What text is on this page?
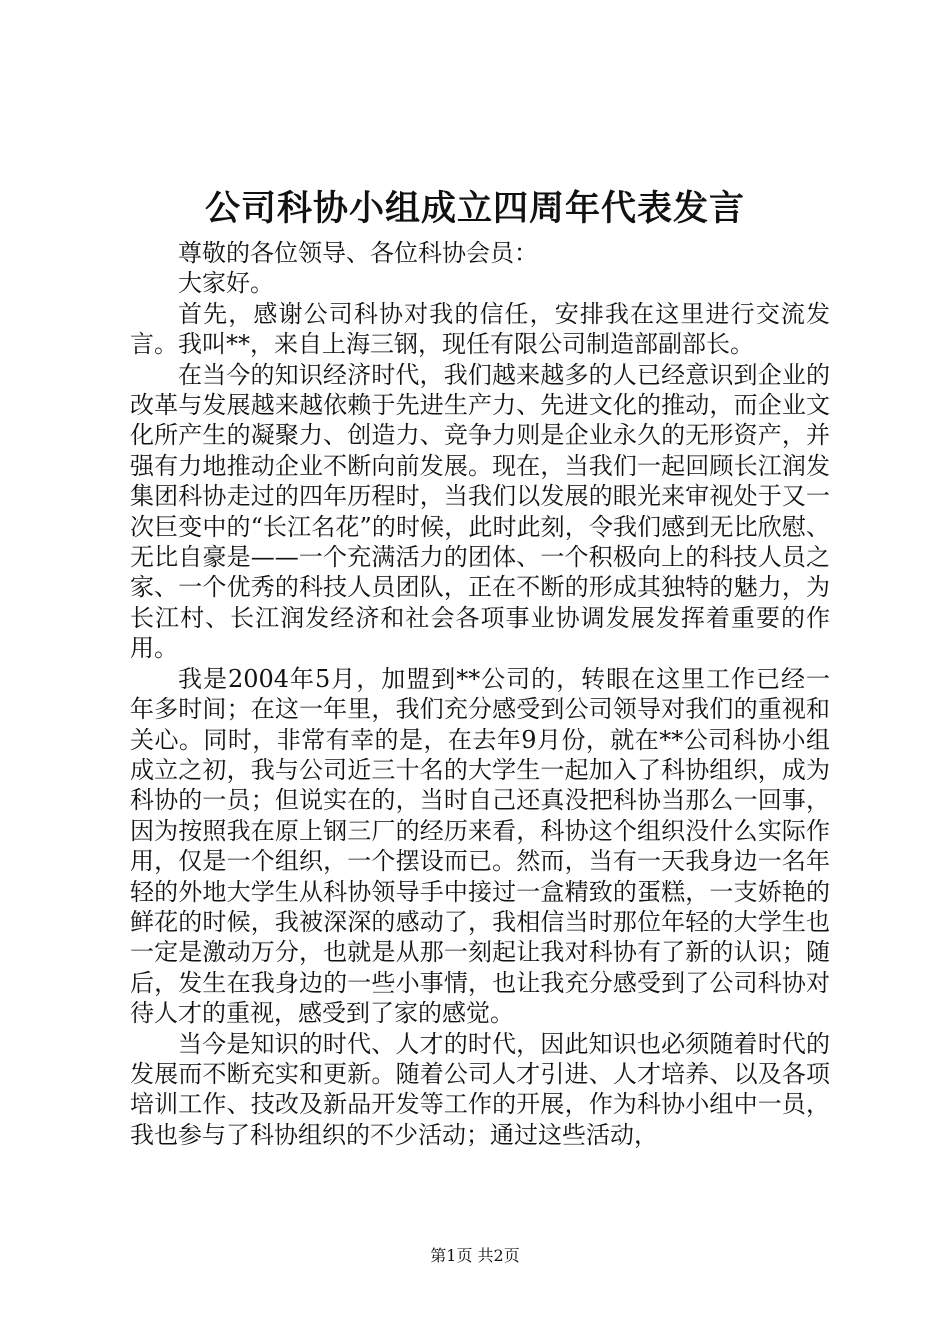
公司科协小组成立四周年代表发言

尊敬的各位领导、各位科协会员：

大家好。

首先，感谢公司科协对我的信任，安排我在这里进行交流发言。我叫**，来自上海三钢，现任有限公司制造部副部长。

在当今的知识经济时代，我们越来越多的人已经意识到企业的改革与发展越来越依赖于先进生产力、先进文化的推动，而企业文化所产生的凝聚力、创造力、竞争力则是企业永久的无形资产，并强有力地推动企业不断向前发展。现在，当我们一起回顾长江润发集团科协走过的四年历程时，当我们以发展的眼光来审视处于又一次巨变中的“长江名花”的时候，此时此刻，令我们感到无比欣慰、无比自豪是——一个充满活力的团体、一个积极向上的科技人员之家、一个优秀的科技人员团队，正在不断的形成其独特的魅力，为长江村、长江润发经济和社会各项事业协调发展发挥着重要的作用。

我是2004年5月，加盟到**公司的，转眼在这里工作已经一年多时间；在这一年里，我们充分感受到公司领导对我们的重视和关心。同时，非常有幸的是，在去年9月份，就在**公司科协小组成立之初，我与公司近三十名的大学生一起加入了科协组织，成为科协的一员；但说实在的，当时自己还真没把科协当那么一回事，因为按照我在原上钢三厂的经历来看，科协这个组织没什么实际作用，仅是一个组织，一个摆设而已。然而，当有一天我身边一名年轻的外地大学生从科协领导手中接过一盒精致的蛋糕，一支娇艳的鲜花的时候，我被深深的感动了，我相信当时那位年轻的大学生也一定是激动万分，也就是从那一刻起让我对科协有了新的认识；随后，发生在我身边的一些小事情，也让我充分感受到了公司科协对待人才的重视，感受到了家的感觉。

当今是知识的时代、人才的时代，因此知识也必须随着时代的发展而不断充实和更新。随着公司人才引进、人才培养、以及各项培训工作、技改及新品开发等工作的开展，作为科协小组中一员，我也参与了科协组织的不少活动；通过这些活动，

第1页 共2页
